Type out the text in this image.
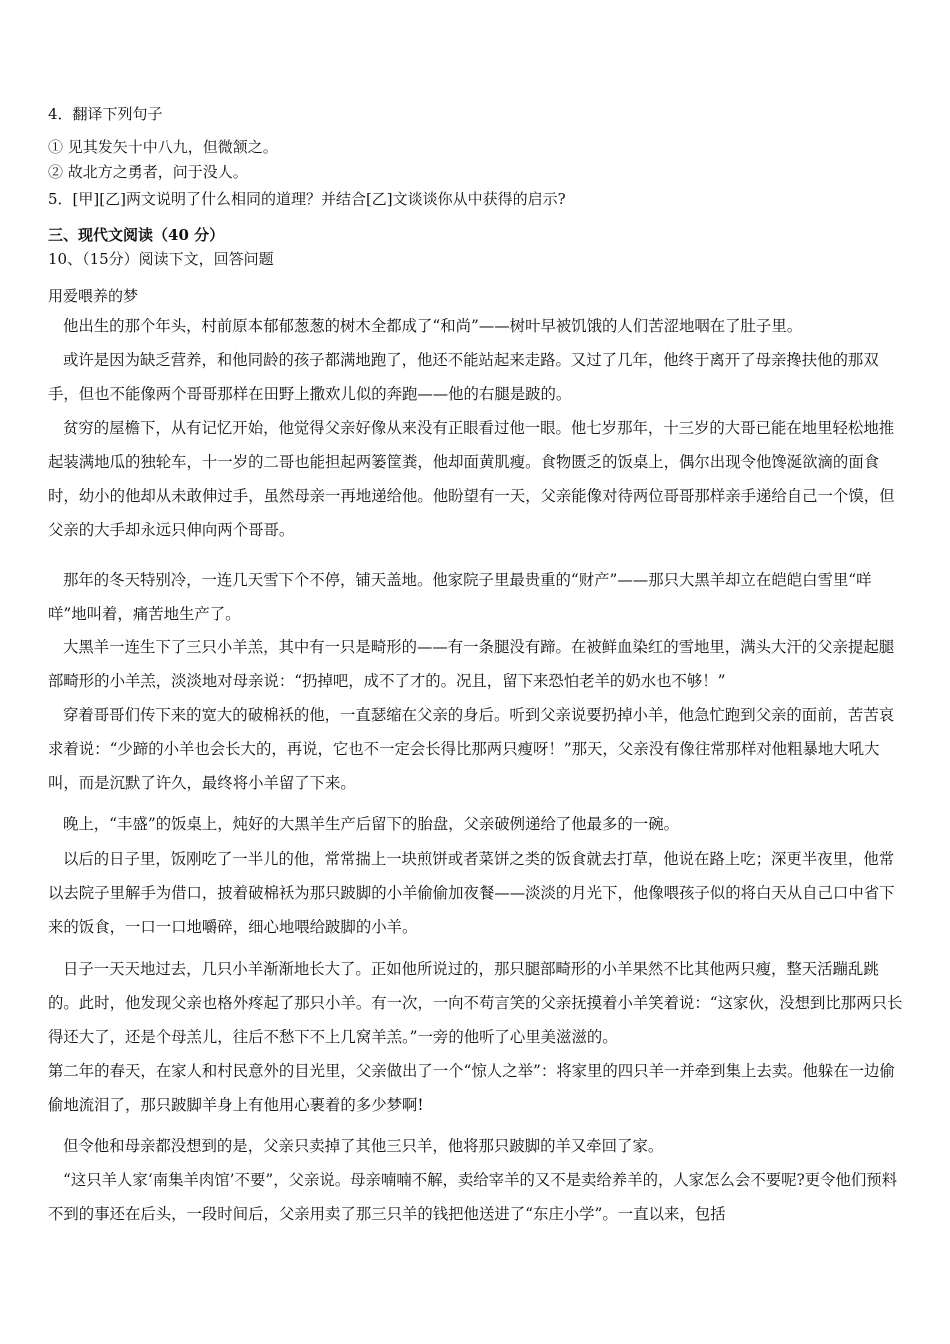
4．翻译下列句子
① 见其发矢十中八九，但微颔之。
② 故北方之勇者，问于没人。
5．[甲][乙]两文说明了什么相同的道理？并结合[乙]文谈谈你从中获得的启示?
三、现代文阅读（40 分）
10、（15分）阅读下文，回答问题
用爱喂养的梦
他出生的那个年头，村前原本郁郁葱葱的树木全都成了“和尚”——树叶早被饥饿的人们苦涩地咽在了肚子里。
或许是因为缺乏营养，和他同龄的孩子都满地跑了，他还不能站起来走路。又过了几年，他终于离开了母亲搀扶他的那双手，但也不能像两个哥哥那样在田野上撒欢儿似的奔跑——他的右腿是跛的。
贫穷的屋檐下，从有记忆开始，他觉得父亲好像从来没有正眼看过他一眼。他七岁那年，十三岁的大哥已能在地里轻松地推起装满地瓜的独轮车，十一岁的二哥也能担起两篓筐粪，他却面黄肌瘦。食物匮乏的饭桌上，偶尔出现令他馋涎欲滴的面食时，幼小的他却从未敢伸过手，虽然母亲一再地递给他。他盼望有一天，父亲能像对待两位哥哥那样亲手递给自己一个馍，但父亲的大手却永远只伸向两个哥哥。
那年的冬天特别冷，一连几天雪下个不停，铺天盖地。他家院子里最贵重的“财产”——那只大黑羊却立在皑皑白雪里“咩咩”地叫着，痛苦地生产了。
大黑羊一连生下了三只小羊羔，其中有一只是畸形的——有一条腿没有蹄。在被鲜血染红的雪地里，满头大汗的父亲提起腿部畸形的小羊羔，淡淡地对母亲说：“扔掉吧，成不了才的。况且，留下来恐怕老羊的奶水也不够！”
穿着哥哥们传下来的宽大的破棉袄的他，一直瑟缩在父亲的身后。听到父亲说要扔掉小羊，他急忙跑到父亲的面前，苦苦哀求着说：“少蹄的小羊也会长大的，再说，它也不一定会长得比那两只瘦呀！”那天，父亲没有像往常那样对他粗暴地大吼大叫，而是沉默了许久，最终将小羊留了下来。
晚上，“丰盛”的饭桌上，炖好的大黑羊生产后留下的胎盘，父亲破例递给了他最多的一碗。
以后的日子里，饭刚吃了一半儿的他，常常揣上一块煎饼或者菜饼之类的饭食就去打草，他说在路上吃；深更半夜里，他常以去院子里解手为借口，披着破棉袄为那只跛脚的小羊偷偷加夜餐——淡淡的月光下，他像喂孩子似的将白天从自己口中省下来的饭食，一口一口地嚼碎，细心地喂给跛脚的小羊。
日子一天天地过去，几只小羊渐渐地长大了。正如他所说过的，那只腿部畸形的小羊果然不比其他两只瘦，整天活蹦乱跳的。此时，他发现父亲也格外疼起了那只小羊。有一次，一向不苟言笑的父亲抚摸着小羊笑着说：“这家伙，没想到比那两只长得还大了，还是个母羔儿，往后不愁下不上几窝羊羔。”一旁的他听了心里美滋滋的。
第二年的春天，在家人和村民意外的目光里，父亲做出了一个“惊人之举”：将家里的四只羊一并牵到集上去卖。他躲在一边偷偷地流泪了，那只跛脚羊身上有他用心裹着的多少梦啊!
但令他和母亲都没想到的是，父亲只卖掉了其他三只羊，他将那只跛脚的羊又牵回了家。
“这只羊人家‘南集羊肉馆’不要”，父亲说。母亲喃喃不解，卖给宰羊的又不是卖给养羊的，人家怎么会不要呢?更令他们预料不到的事还在后头，一段时间后，父亲用卖了那三只羊的钱把他送进了“东庄小学”。一直以来，包括
